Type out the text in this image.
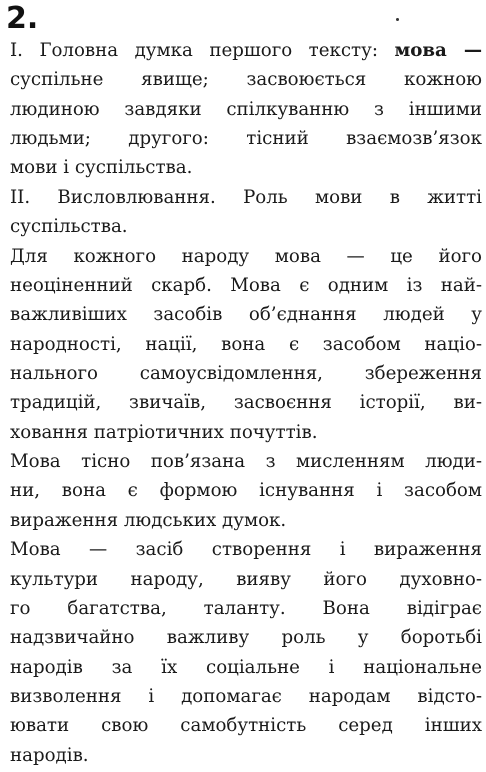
2.
I. Головна думка першого тексту: мова —
суспільне явище; засвоюється кожною
людиною завдяки спілкуванню з іншими
людьми; другого: тісний взаємозв’язок
мови і суспільства.
II. Висловлювання. Роль мови в житті
суспільства.
Для кожного народу мова — це його
неоціненний скарб. Мова є одним із най-
важливіших засобів об’єднання людей у
народності, нації, вона є засобом націо-
нального самоусвідомлення, збереження
традицій, звичаїв, засвоєння історії, ви-
ховання патріотичних почуттів.
Мова тісно пов’язана з мисленням люди-
ни, вона є формою існування і засобом
вираження людських думок.
Мова — засіб створення і вираження
культури народу, вияву його духовно-
го багатства, таланту. Вона відіграє
надзвичайно важливу роль у боротьбі
народів за їх соціальне і національне
визволення і допомагає народам відсто-
ювати свою самобутність серед інших
народів.
